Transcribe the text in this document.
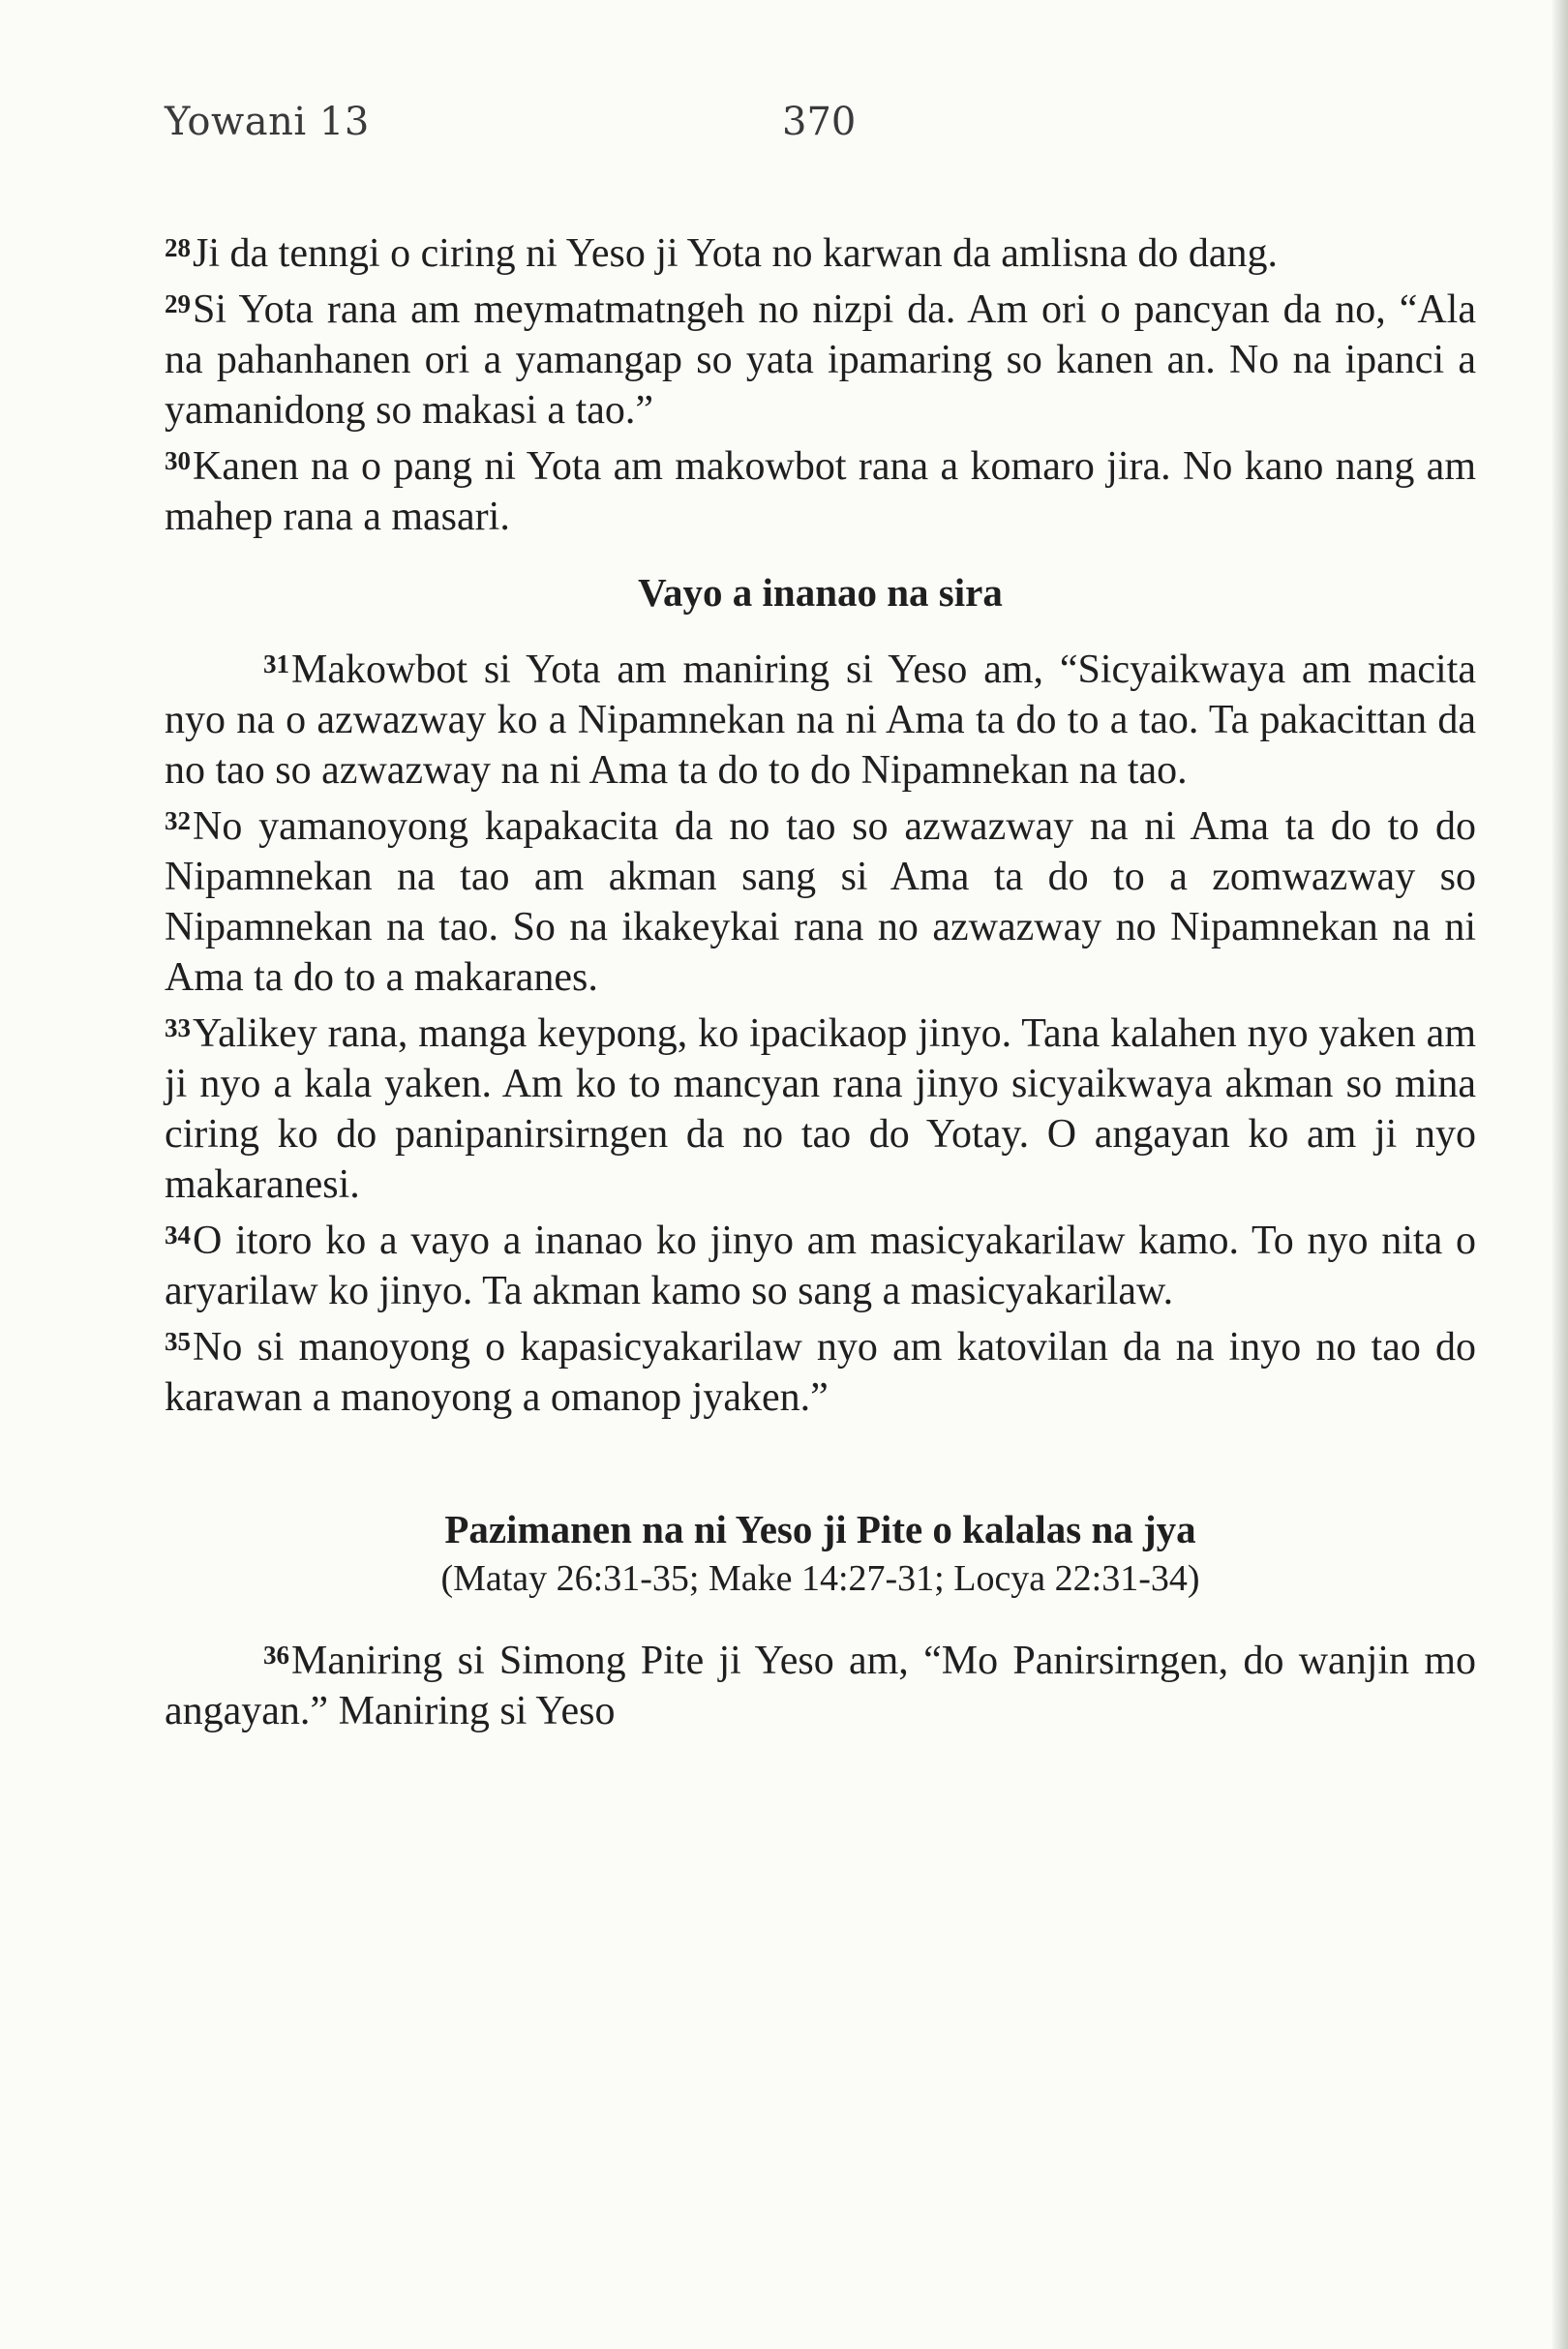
Yowani 13	370

$^{28}$Ji da tenngi o ciring ni Yeso ji Yota no karwan da amlisna do dang.

$^{29}$Si Yota rana am meymatmatngeh no nizpi da. Am ori o pancyan da no, “Ala na pahanhanen ori a yamangap so yata ipamaring so kanen an. No na ipanci a yamanidong so makasi a tao.”

$^{30}$Kanen na o pang ni Yota am makowbot rana a komaro jira. No kano nang am mahep rana a masari.

Vayo a inanao na sira

$^{31}$Makowbot si Yota am maniring si Yeso am, “Sicyaikwaya am macita nyo na o azwazway ko a Nipamnekan na ni Ama ta do to a tao. Ta pakacittan da no tao so azwazway na ni Ama ta do to do Nipamnekan na tao.

$^{32}$No yamanoyong kapakacita da no tao so azwazway na ni Ama ta do to do Nipamnekan na tao am akman sang si Ama ta do to a zomwazway so Nipamnekan na tao. So na ikakeykai rana no azwazway no Nipamnekan na ni Ama ta do to a makaranes.

$^{33}$Yalikey rana, manga keypong, ko ipacikaop jinyo. Tana kalahen nyo yaken am ji nyo a kala yaken. Am ko to mancyan rana jinyo sicyaikwaya akman so mina ciring ko do panipanirsirngen da no tao do Yotay. O angayan ko am ji nyo makaranesi.

$^{34}$O itoro ko a vayo a inanao ko jinyo am masicyakarilaw kamo. To nyo nita o aryarilaw ko jinyo. Ta akman kamo so sang a masicyakarilaw.

$^{35}$No si manoyong o kapasicyakarilaw nyo am katovilan da na inyo no tao do karawan a manoyong a omanop jyaken.”

Pazimanen na ni Yeso ji Pite o kalalas na jya
(Matay 26:31-35; Make 14:27-31; Locya 22:31-34)

$^{36}$Maniring si Simong Pite ji Yeso am, “Mo Panirsirngen, do wanjin mo angayan.” Maniring si Yeso
